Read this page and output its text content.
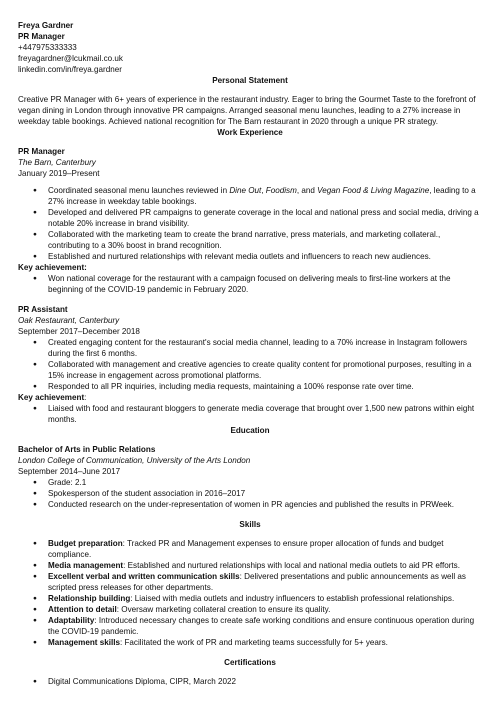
Freya Gardner

PR Manager

+447975333333

freyagardner@lcukmail.co.uk

linkedin.com/in/freya.gardner

Personal Statement

Creative PR Manager with 6+ years of experience in the restaurant industry. Eager to bring the Gourmet Taste to the forefront of vegan dining in London through innovative PR campaigns. Arranged seasonal menu launches, leading to a 27% increase in weekday table bookings. Achieved national recognition for The Barn restaurant in 2020 through a unique PR strategy.

Work Experience

PR Manager

The Barn, Canterbury

January 2019–Present

● Coordinated seasonal menu launches reviewed in Dine Out, Foodism, and Vegan Food & Living Magazine, leading to a 27% increase in weekday table bookings.
● Developed and delivered PR campaigns to generate coverage in the local and national press and social media, driving a notable 20% increase in brand visibility.
● Collaborated with the marketing team to create the brand narrative, press materials, and marketing collateral., contributing to a 30% boost in brand recognition.
● Established and nurtured relationships with relevant media outlets and influencers to reach new audiences.

Key achievement:

● Won national coverage for the restaurant with a campaign focused on delivering meals to first-line workers at the beginning of the COVID-19 pandemic in February 2020.

PR Assistant

Oak Restaurant, Canterbury

September 2017–December 2018

● Created engaging content for the restaurant's social media channel, leading to a 70% increase in Instagram followers during the first 6 months.
● Collaborated with management and creative agencies to create quality content for promotional purposes, resulting in a 15% increase in engagement across promotional platforms.
● Responded to all PR inquiries, including media requests, maintaining a 100% response rate over time.

Key achievement:

● Liaised with food and restaurant bloggers to generate media coverage that brought over 1,500 new patrons within eight months.

Education

Bachelor of Arts in Public Relations

London College of Communication, University of the Arts London

September 2014–June 2017

● Grade: 2.1
● Spokesperson of the student association in 2016–2017
● Conducted research on the under-representation of women in PR agencies and published the results in PRWeek.

Skills

● Budget preparation: Tracked PR and Management expenses to ensure proper allocation of funds and budget compliance.
● Media management: Established and nurtured relationships with local and national media outlets to aid PR efforts.
● Excellent verbal and written communication skills: Delivered presentations and public announcements as well as scripted press releases for other departments.
● Relationship building: Liaised with media outlets and industry influencers to establish professional relationships.
● Attention to detail: Oversaw marketing collateral creation to ensure its quality.
● Adaptability: Introduced necessary changes to create safe working conditions and ensure continuous operation during the COVID-19 pandemic.
● Management skills: Facilitated the work of PR and marketing teams successfully for 5+ years.

Certifications

● Digital Communications Diploma, CIPR, March 2022
